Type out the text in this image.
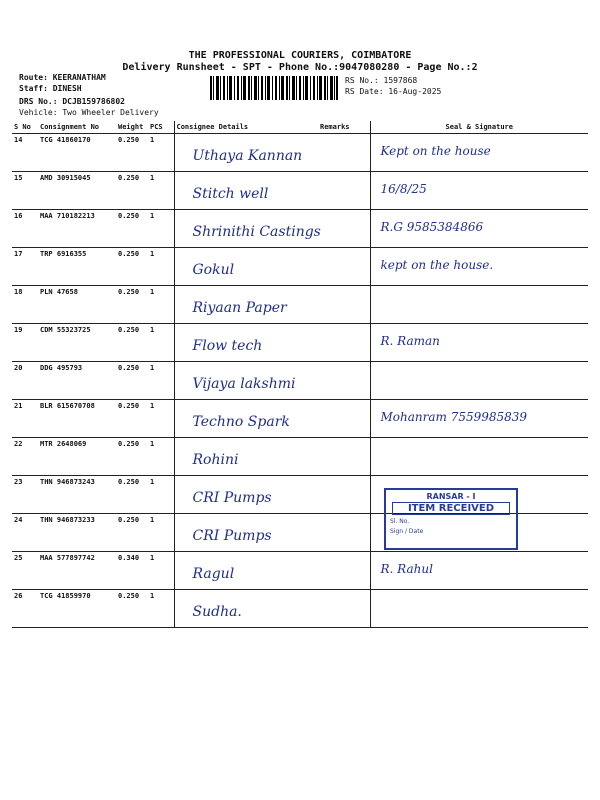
THE PROFESSIONAL COURIERS, COIMBATORE
Delivery Runsheet - SPT - Phone No.:9047080280 - Page No.:2
Route: KEERANATHAM
Staff: DINESH
DRS No.: DCJB159786802
Vehicle: Two Wheeler Delivery
RS No.: 1597868
RS Date: 16-Aug-2025
S No	Consignment No	Weight	PCS	Consignee Details	Remarks	Seal & Signature
14	TCG 41860170	0.250	1	Uthaya Kannan		Kept on the house

15	AMD 30915045	0.250	1	Stitch well		16/8/25

16	MAA 710182213	0.250	1	Shrinithi Castings		R.G 9585384866

17	TRP 6916355	0.250	1	Gokul		kept on the house.

18	PLN 47658	0.250	1	Riyaan Paper		

19	CDM 55323725	0.250	1	Flow tech		R. Raman

20	DDG 495793	0.250	1	Vijaya lakshmi		

21	BLR 615670708	0.250	1	Techno Spark		Mohanram 7559985839

22	MTR 2648069	0.250	1	Rohini		

23	THN 946873243	0.250	1	CRI Pumps		

24	THN 946873233	0.250	1	CRI Pumps		

25	MAA 577897742	0.340	1	Ragul		R. Rahul

26	TCG 41859970	0.250	1	Sudha.		

RANSAR - I
ITEM RECEIVED
Sl. No.
Sign / Date
